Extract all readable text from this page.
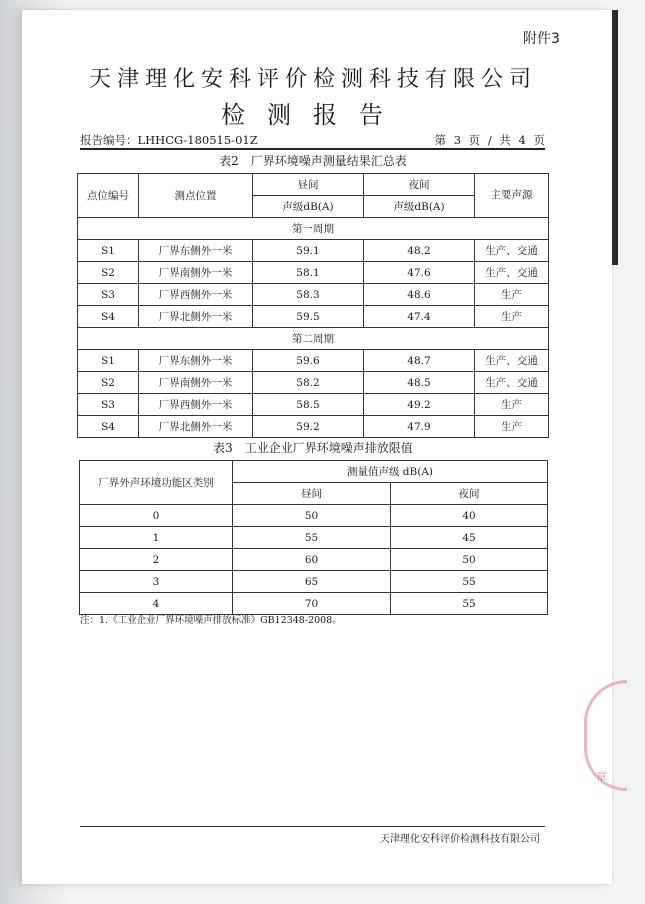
附件3
天津理化安科评价检测科技有限公司
检测报告
报告编号：LHHCG-180515-01Z	第 3 页 / 共 4 页
表2　厂界环境噪声测量结果汇总表
点位编号	测点位置	昼间	夜间	主要声源
		声级dB(A)	声级dB(A)	
第一周期				
S1	厂界东侧外一米	59.1	48.2	生产、交通
S2	厂界南侧外一米	58.1	47.6	生产、交通
S3	厂界西侧外一米	58.3	48.6	生产
S4	厂界北侧外一米	59.5	47.4	生产
第二周期				
S1	厂界东侧外一米	59.6	48.7	生产、交通
S2	厂界南侧外一米	58.2	48.5	生产、交通
S3	厂界西侧外一米	58.5	49.2	生产
S4	厂界北侧外一米	59.2	47.9	生产
表3　工业企业厂界环境噪声排放限值
厂界外声环境功能区类别	测量值声级 dB(A)	
	昼间	夜间
0	50	40
1	55	45
2	60	50
3	65	55
4	70	55
注：1.《工业企业厂界环境噪声排放标准》GB12348-2008。
章
天津理化安科评价检测科技有限公司
